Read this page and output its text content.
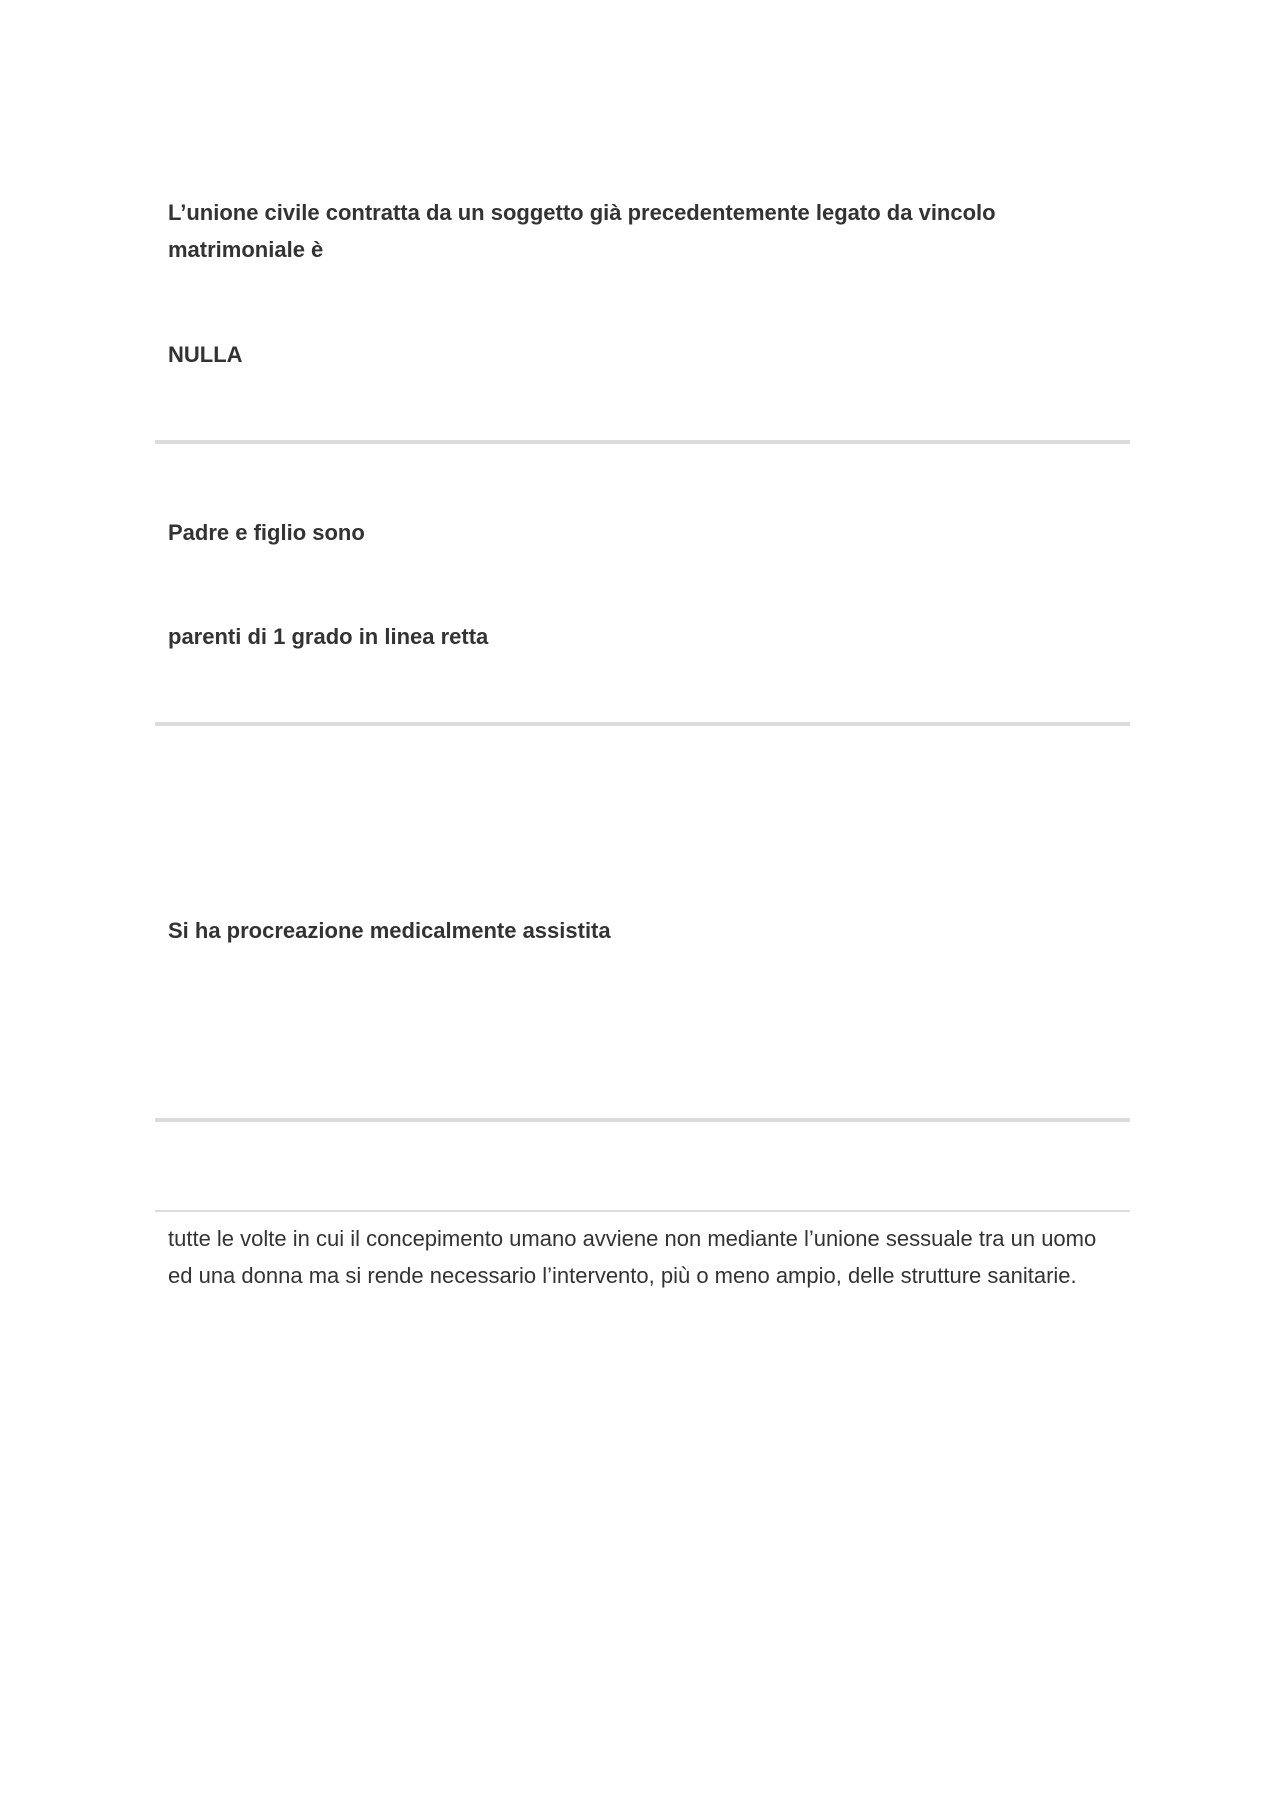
L’unione civile contratta da un soggetto già precedentemente legato da vincolo matrimoniale è
NULLA
Padre e figlio sono
parenti di 1 grado in linea retta
Si ha procreazione medicalmente assistita
tutte le volte in cui il concepimento umano avviene non mediante l’unione sessuale tra un uomo ed una donna ma si rende necessario l’intervento, più o meno ampio, delle strutture sanitarie.
